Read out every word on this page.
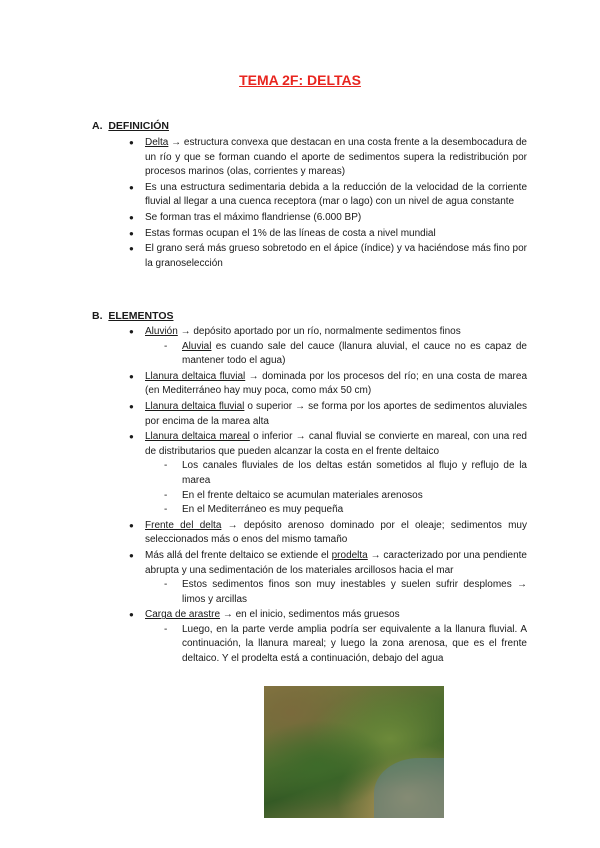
TEMA 2F: DELTAS
A. DEFINICIÓN
● Delta → estructura convexa que destacan en una costa frente a la desembocadura de un río y que se forman cuando el aporte de sedimentos supera la redistribución por procesos marinos (olas, corrientes y mareas)
● Es una estructura sedimentaria debida a la reducción de la velocidad de la corriente fluvial al llegar a una cuenca receptora (mar o lago) con un nivel de agua constante
● Se forman tras el máximo flandriense (6.000 BP)
● Estas formas ocupan el 1% de las líneas de costa a nivel mundial
● El grano será más grueso sobretodo en el ápice (índice) y va haciéndose más fino por la granoselección
B. ELEMENTOS
● Aluvión → depósito aportado por un río, normalmente sedimentos finos
- Aluvial es cuando sale del cauce (llanura aluvial, el cauce no es capaz de mantener todo el agua)
● Llanura deltaica fluvial → dominada por los procesos del río; en una costa de marea (en Mediterráneo hay muy poca, como máx 50 cm)
● Llanura deltaica fluvial o superior → se forma por los aportes de sedimentos aluviales por encima de la marea alta
● Llanura deltaica mareal o inferior → canal fluvial se convierte en mareal, con una red de distributarios que pueden alcanzar la costa en el frente deltaico
- Los canales fluviales de los deltas están sometidos al flujo y reflujo de la marea
- En el frente deltaico se acumulan materiales arenosos
- En el Mediterráneo es muy pequeña
● Frente del delta → depósito arenoso dominado por el oleaje; sedimentos muy seleccionados más o enos del mismo tamaño
● Más allá del frente deltaico se extiende el prodelta → caracterizado por una pendiente abrupta y una sedimentación de los materiales arcillosos hacia el mar
- Estos sedimentos finos son muy inestables y suelen sufrir desplomes → limos y arcillas
● Carga de arastre → en el inicio, sedimentos más gruesos
- Luego, en la parte verde amplia podría ser equivalente a la llanura fluvial. A continuación, la llanura mareal; y luego la zona arenosa, que es el frente deltaico. Y el prodelta está a continuación, debajo del agua
